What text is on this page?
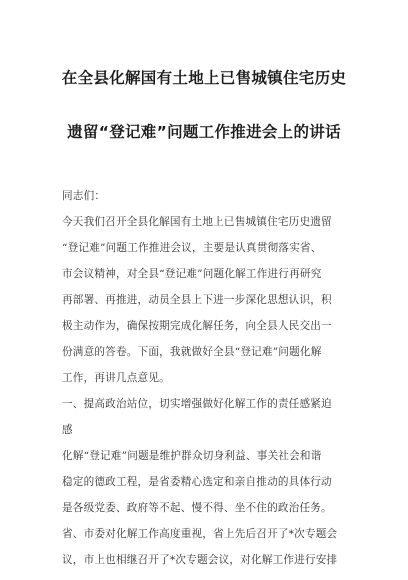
在全县化解国有土地上已售城镇住宅历史
遗留“登记难”问题工作推进会上的讲话
同志们：
今天我们召开全县化解国有土地上已售城镇住宅历史遗留
“登记难”问题工作推进会议，主要是认真贯彻落实省、
市会议精神，对全县“登记难”问题化解工作进行再研究
再部署、再推进，动员全县上下进一步深化思想认识，积
极主动作为，确保按期完成化解任务，向全县人民交出一
份满意的答卷。下面，我就做好全县“登记难”问题化解
工作，再讲几点意见。
一、提高政治站位，切实增强做好化解工作的责任感紧迫
感
化解“登记难”问题是维护群众切身利益、事关社会和谐
稳定的德政工程，是省委精心选定和亲自推动的具体行动
是各级党委、政府等不起、慢不得、坐不住的政治任务。
省、市委对化解工作高度重视，省上先后召开了*次专题会
议，市上也相继召开了*次专题会议，对化解工作进行安排
